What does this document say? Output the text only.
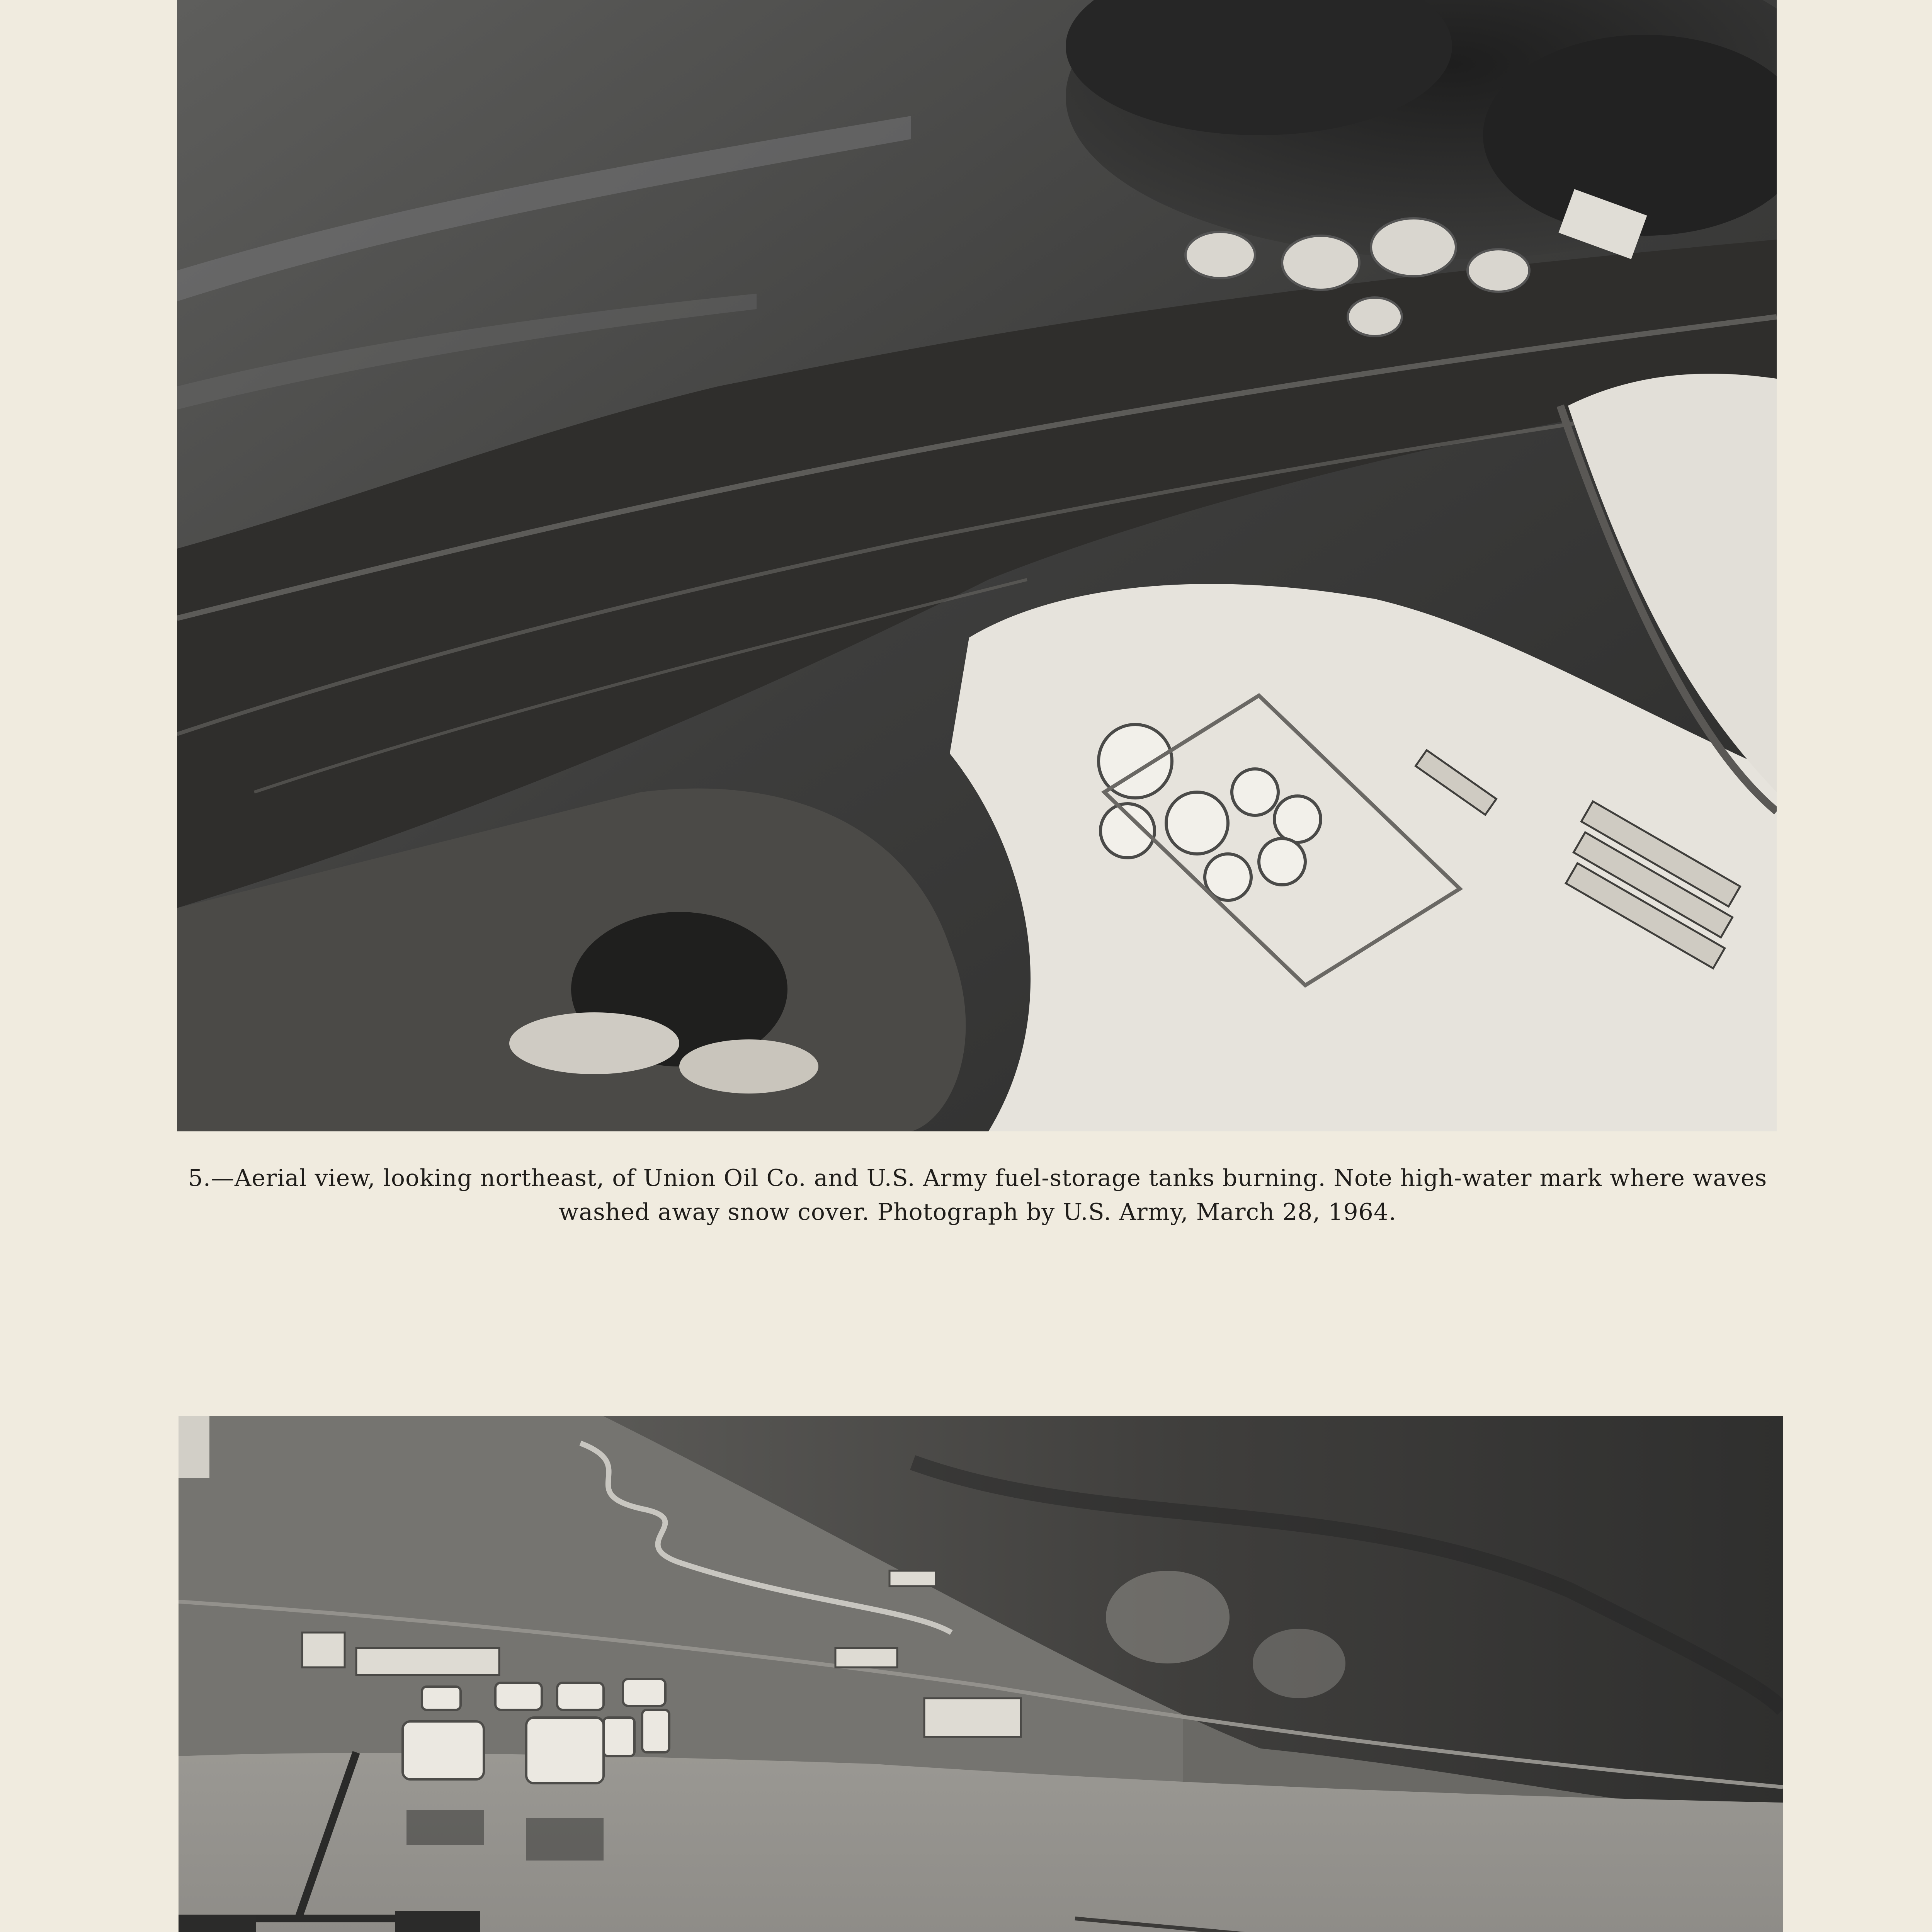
5.—Aerial view, looking northeast, of Union Oil Co. and U.S. Army fuel-storage tanks burning. Note high-water mark where waves washed away snow cover. Photograph by U.S. Army, March 28, 1964.
